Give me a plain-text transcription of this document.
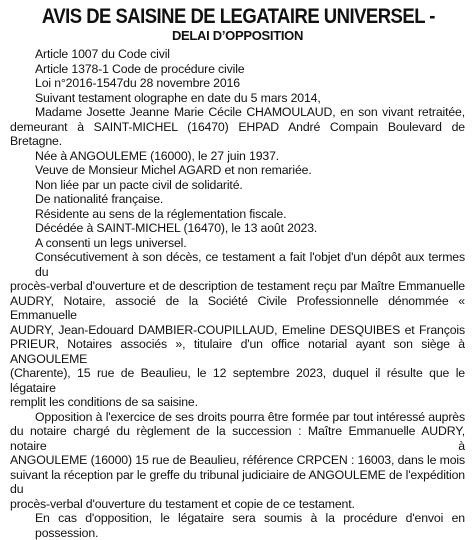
AVIS DE SAISINE DE LEGATAIRE UNIVERSEL -
DELAI D’OPPOSITION
Article 1007 du Code civil
Article 1378-1 Code de procédure civile
Loi n°2016-1547du 28 novembre 2016
Suivant testament olographe en date du 5 mars 2014,
Madame Josette Jeanne Marie Cécile CHAMOULAUD, en son vivant retraitée,
demeurant à SAINT-MICHEL (16470) EHPAD André Compain Boulevard de Bretagne.
Née à ANGOULEME (16000), le 27 juin 1937.
Veuve de Monsieur Michel AGARD et non remariée.
Non liée par un pacte civil de solidarité.
De nationalité française.
Résidente au sens de la réglementation fiscale.
Décédée à SAINT-MICHEL (16470), le 13 août 2023.
A consenti un legs universel.
Consécutivement à son décès, ce testament a fait l'objet d'un dépôt aux termes du
procès-verbal d'ouverture et de description de testament reçu par Maître Emmanuelle
AUDRY, Notaire, associé de la Société Civile Professionnelle dénommée « Emmanuelle
AUDRY, Jean-Edouard DAMBIER-COUPILLAUD, Emeline DESQUIBES et François
PRIEUR, Notaires associés », titulaire d'un office notarial ayant son siège à ANGOULEME
(Charente), 15 rue de Beaulieu, le 12 septembre 2023, duquel il résulte que le légataire
remplit les conditions de sa saisine.
Opposition à l'exercice de ses droits pourra être formée par tout intéressé auprès
du notaire chargé du règlement de la succession : Maître Emmanuelle AUDRY, notaire à
ANGOULEME (16000) 15 rue de Beaulieu, référence CRPCEN : 16003, dans le mois
suivant la réception par le greffe du tribunal judiciaire de ANGOULEME de l'expédition du
procès-verbal d'ouverture du testament et copie de ce testament.
En cas d'opposition, le légataire sera soumis à la procédure d'envoi en possession.
